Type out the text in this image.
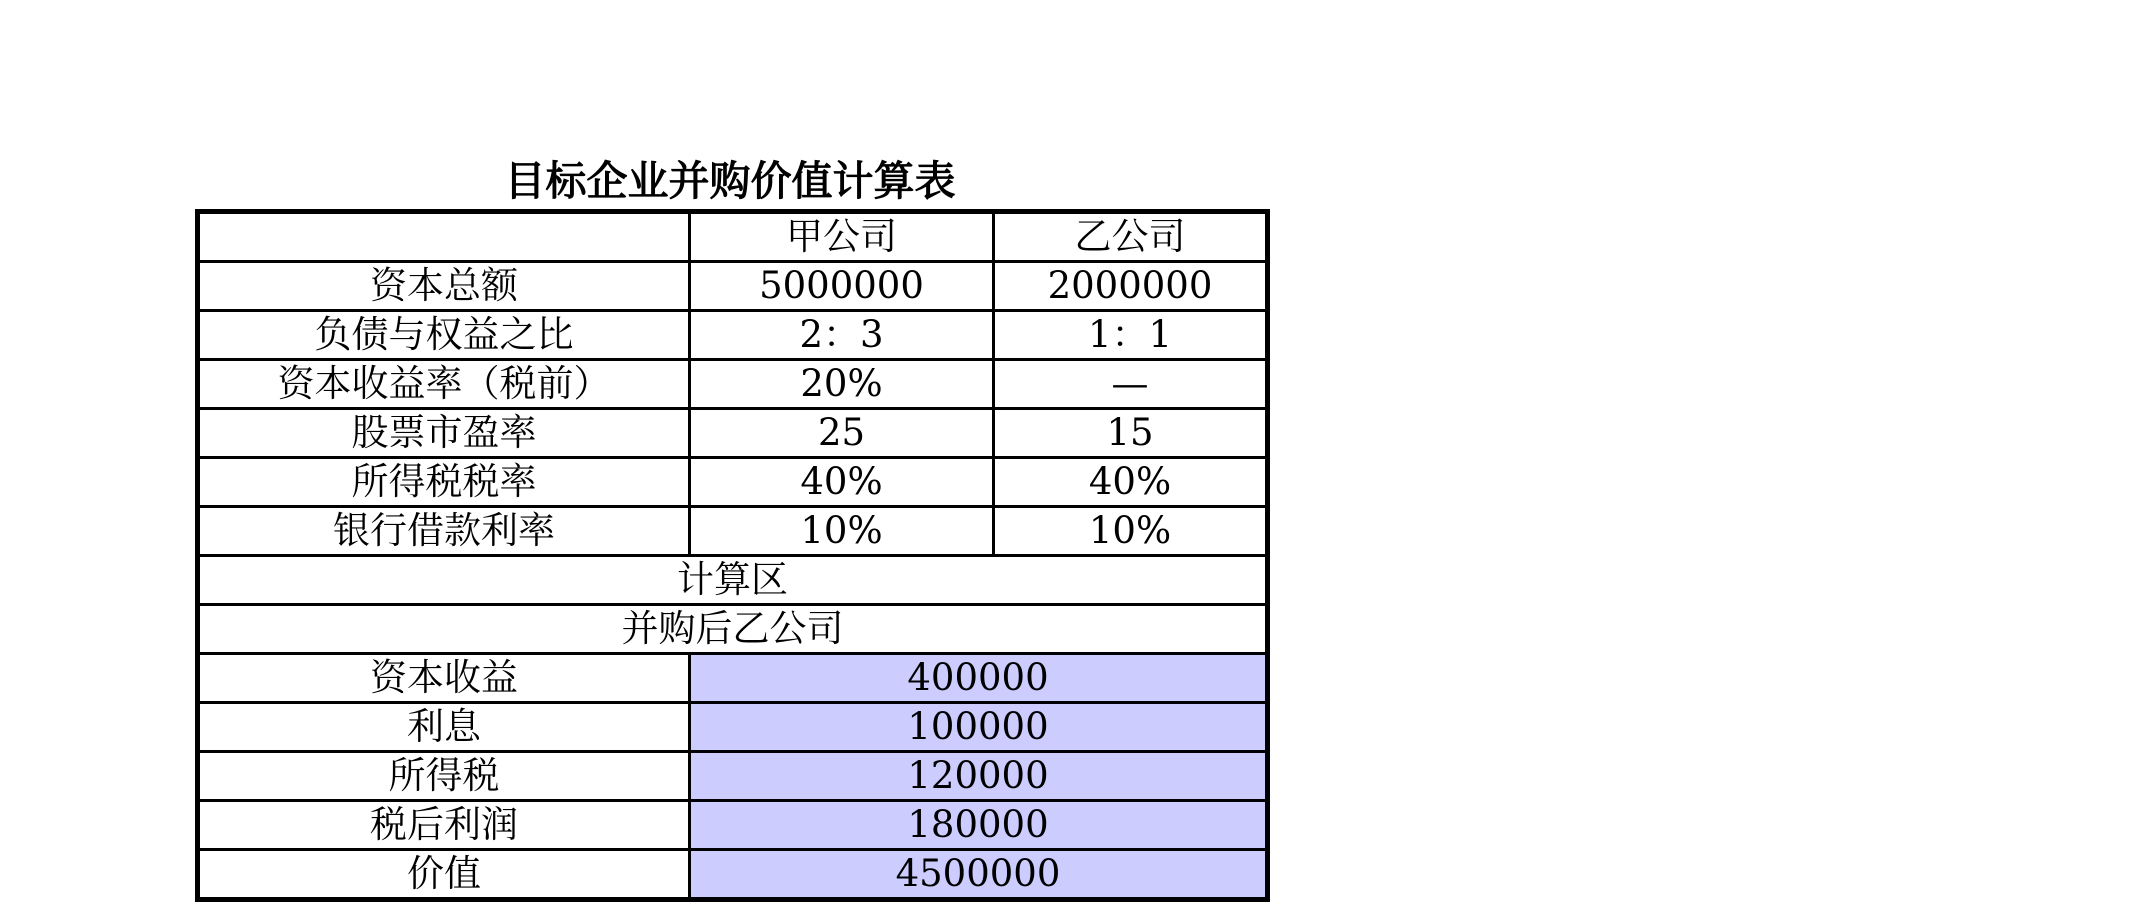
目标企业并购价值计算表
	甲公司	乙公司
资本总额	5000000	2000000
负债与权益之比	2：3	1：1
资本收益率（税前）	20%	—
股票市盈率	25	15
所得税税率	40%	40%
银行借款利率	10%	10%
计算区		
并购后乙公司		
资本收益	400000	
利息	100000	
所得税	120000	
税后利润	180000	
价值	4500000	
